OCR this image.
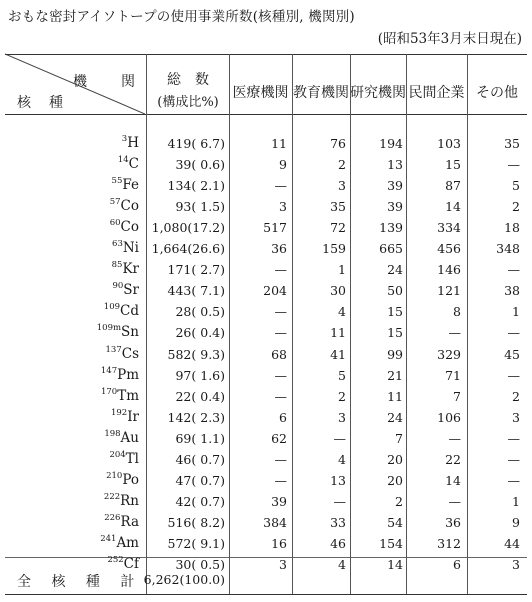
おもな密封アイソトープの使用事業所数(核種別, 機関別)
(昭和53年3月末日現在)
機　　関
核　種
総　数
(構成比%)
医療機関 教育機関 研究機関 民間企業 その他
$^3$H 419( 6.7)	11	76	194	103	35
$^{14}$C	39( 0.6)	9	2	13	15	—
$^{55}$Fe 134( 2.1)	—	3	39	87	5
$^{57}$Co	93( 1.5)	3	35	39	14	2
$^{60}$Co 1,080(17.2)	517	72	139	334	18
$^{63}$Ni 1,664(26.6)	36	159	665	456	348
$^{85}$Kr 171( 2.7)	—	1	24	146	—
$^{90}$Sr 443( 7.1)	204	30	50	121	38
$^{109}$Cd	28( 0.5)	—	4	15	8	1
$^{109m}$Sn	26( 0.4)	—	11	15	—	—
$^{137}$Cs 582( 9.3)	68	41	99	329	45
$^{147}$Pm	97( 1.6)	—	5	21	71	—
$^{170}$Tm	22( 0.4)	—	2	11	7	2
$^{192}$Ir 142( 2.3)	6	3	24	106	3
$^{198}$Au	69( 1.1)	62	—	7	—	—
$^{204}$Tl	46( 0.7)	—	4	20	22	—
$^{210}$Po	47( 0.7)	—	13	20	14	—
$^{222}$Rn	42( 0.7)	39	—	2	—	1
$^{226}$Ra 516( 8.2)	384	33	54	36	9
$^{241}$Am 572( 9.1)	16	46	154	312	44
$^{252}$Cf	30( 0.5)	3	4	14	6	3
全 核 種 計 6,262(100.0)
